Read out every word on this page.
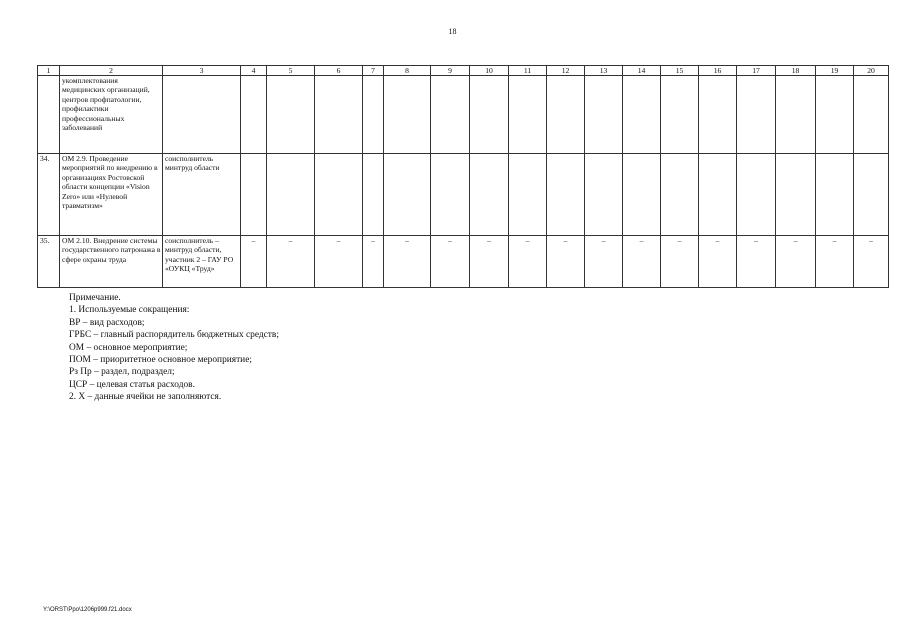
18
1	2	3	4	5	6	7	8	9	10	11	12	13	14	15	16	17	18	19	20
	укомплектования медицинских организаций, центров профпатологии, профилактики профессиональных заболеваний																		
34.	ОМ 2.9. Проведение мероприятий по внедрению в организациях Ростовской области концепции «Vision Zero» или «Нулевой травматизм»	соисполнитель минтруд области																	
35.	ОМ 2.10. Внедрение системы государственного патронажа в сфере охраны труда	соисполнитель – минтруд области, участник 2 – ГАУ РО «ОУКЦ «Труд»	–	–	–	–	–	–	–	–	–	–	–	–	–	–	–	–	–
Примечание.
1. Используемые сокращения:
ВР – вид расходов;
ГРБС – главный распорядитель бюджетных средств;
ОМ – основное мероприятие;
ПОМ – приоритетное основное мероприятие;
Рз Пр – раздел, подраздел;
ЦСР – целевая статья расходов.
2. Х – данные ячейки не заполняются.
Y:\ORST\Ppo\1206p999.f21.docx
